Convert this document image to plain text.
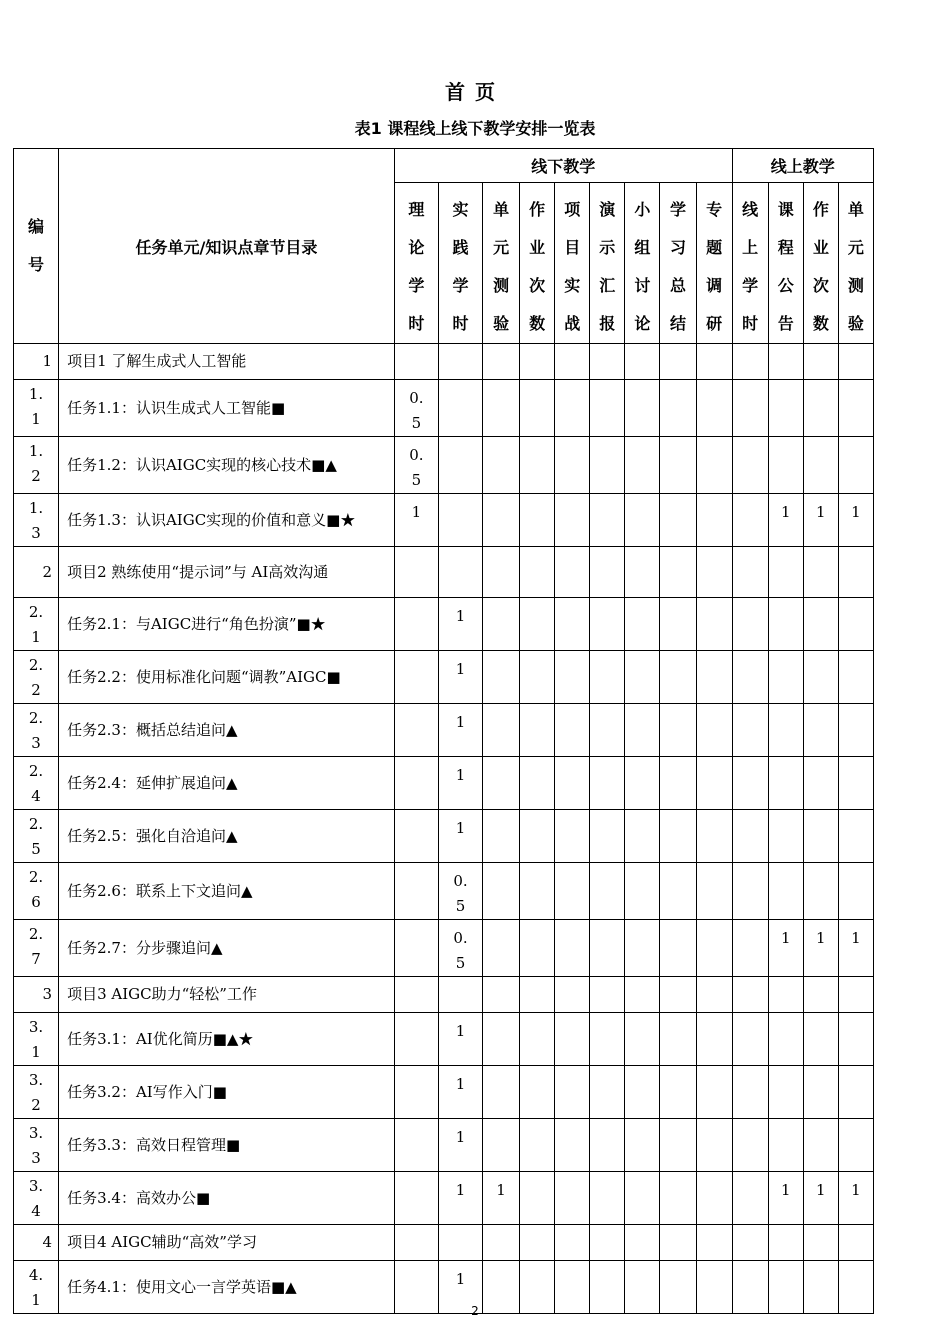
首页
表1 课程线上线下教学安排一览表
编号	任务单元/知识点章节目录	线下教学									线上教学			

		理论学时	实践学时	单元测验	作业次数	项目实战	演示汇报	小组讨论	学习总结	专题调研	线上学时	课程公告	作业次数	单元测验

1	项目1 了解生成式人工智能	

1.1	任务1.1：认识生成式人工智能■	0.5												

1.2	任务1.2：认识AIGC实现的核心技术■▲	0.5												

1.3	任务1.3：认识AIGC实现的价值和意义■★	1										1	1	1

2	项目2 熟练使用“提示词”与 AI高效沟通	

2.1	任务2.1：与AIGC进行“角色扮演”■★		1											

2.2	任务2.2：使用标准化问题“调教”AIGC■		1											

2.3	任务2.3：概括总结追问▲		1											

2.4	任务2.4：延伸扩展追问▲		1											

2.5	任务2.5：强化自洽追问▲		1											

2.6	任务2.6：联系上下文追问▲		0.5											

2.7	任务2.7：分步骤追问▲		0.5									1	1	1

3	项目3 AIGC助力“轻松”工作	

3.1	任务3.1：AI优化简历■▲★		1											

3.2	任务3.2：AI写作入门■		1											

3.3	任务3.3：高效日程管理■		1											

3.4	任务3.4：高效办公■		1	1								1	1	1

4	项目4 AIGC辅助“高效”学习	

4.1	任务4.1：使用文心一言学英语■▲		1											

2
